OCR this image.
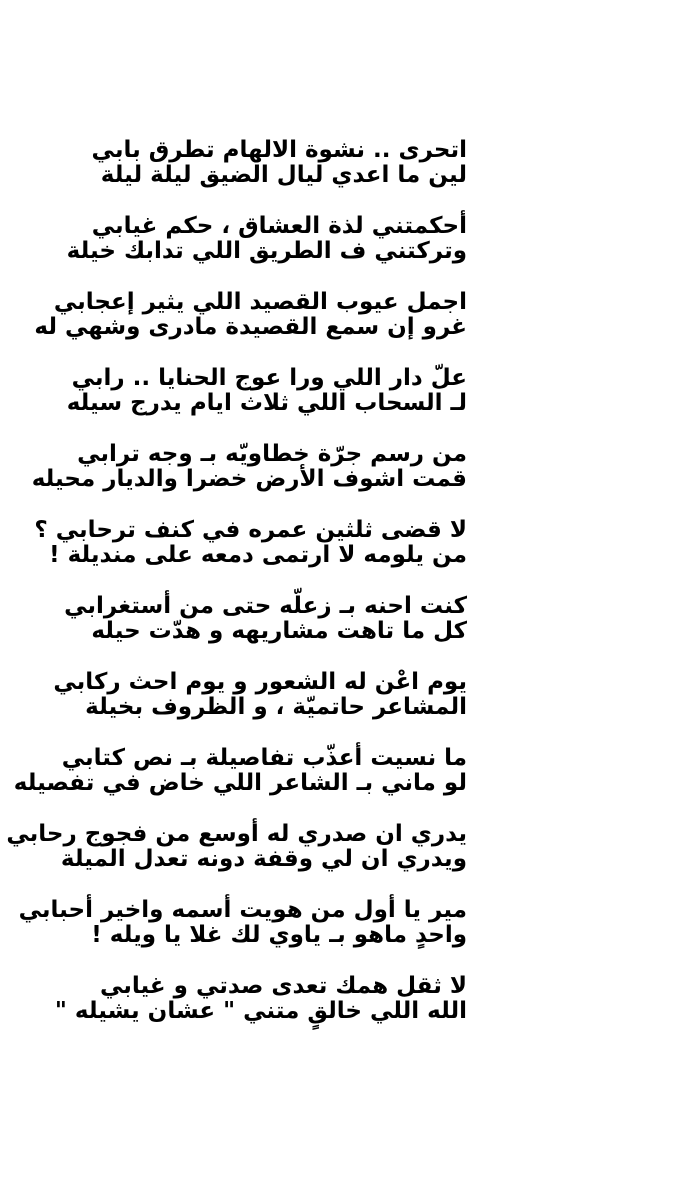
اتحرى .. نشوة الالهام تطرق بابي
لين ما اعدي ليال الضيق ليلة ليلة
أحكمتني لذة العشاق ، حكم غيابي
وتركتني ف الطريق اللي تدابك خيلة
اجمل عيوب القصيد اللي يثير إعجابي
غرو إن سمع القصيدة مادرى وشهي له
علّ دار اللي ورا عوج الحنايا .. رابي
لـ السحاب اللي ثلاث ايام يدرج سيله
من رسم جرّة خطاويّه بـ وجه ترابي
قمت اشوف الأرض خضرا والديار محيله
لا قضى ثلثين عمره في كنف ترحابي ؟
من يلومه لا ارتمى دمعه على منديلة !
كنت احنه بـ زعلّه حتى من أستغرابي
كل ما تاهت مشاريهه و هدّت حيله
يوم اعْن له الشعور و يوم احث ركابي
المشاعر حاتميّة ، و الظروف بخيلة
ما نسيت أعذّب تفاصيلة بـ نص كتابي
لو ماني بـ الشاعر اللي خاض في تفصيله
يدري ان صدري له أوسع من فجوج رحابي
ويدري ان لي وقفة دونه تعدل الميلة
مير يا أول من هويت أسمه واخير أحبابي
واحدٍ ماهو بـ ياوي لك غلا يا ويله !
لا ثقل همك تعدى صدتي و غيابي
الله اللي خالقٍ متني " عشان يشيله "
